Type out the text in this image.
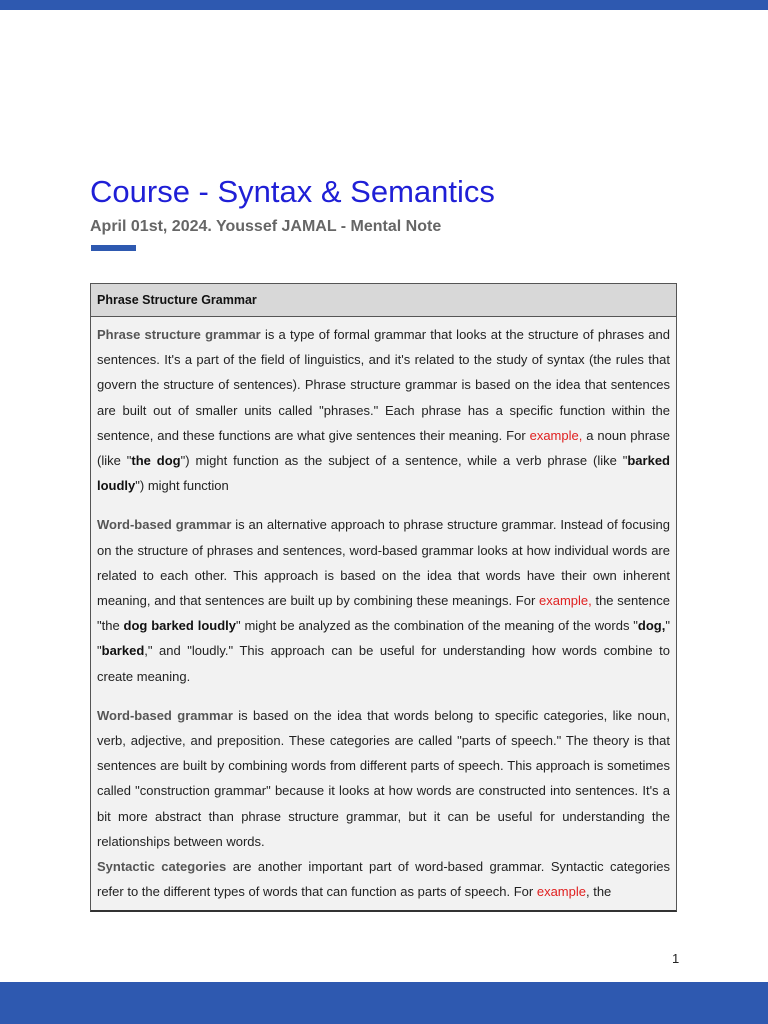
Course - Syntax & Semantics
April 01st, 2024. Youssef JAMAL - Mental Note
Phrase Structure Grammar

Phrase structure grammar is a type of formal grammar that looks at the structure of phrases and sentences. It's a part of the field of linguistics, and it's related to the study of syntax (the rules that govern the structure of sentences). Phrase structure grammar is based on the idea that sentences are built out of smaller units called "phrases." Each phrase has a specific function within the sentence, and these functions are what give sentences their meaning. For example, a noun phrase (like "the dog") might function as the subject of a sentence, while a verb phrase (like "barked loudly") might function

Word-based grammar is an alternative approach to phrase structure grammar. Instead of focusing on the structure of phrases and sentences, word-based grammar looks at how individual words are related to each other. This approach is based on the idea that words have their own inherent meaning, and that sentences are built up by combining these meanings. For example, the sentence "the dog barked loudly" might be analyzed as the combination of the meaning of the words "dog," "barked," and "loudly." This approach can be useful for understanding how words combine to create meaning.

Word-based grammar is based on the idea that words belong to specific categories, like noun, verb, adjective, and preposition. These categories are called "parts of speech." The theory is that sentences are built by combining words from different parts of speech. This approach is sometimes called "construction grammar" because it looks at how words are constructed into sentences. It's a bit more abstract than phrase structure grammar, but it can be useful for understanding the relationships between words.

Syntactic categories are another important part of word-based grammar. Syntactic categories refer to the different types of words that can function as parts of speech. For example, the

1
